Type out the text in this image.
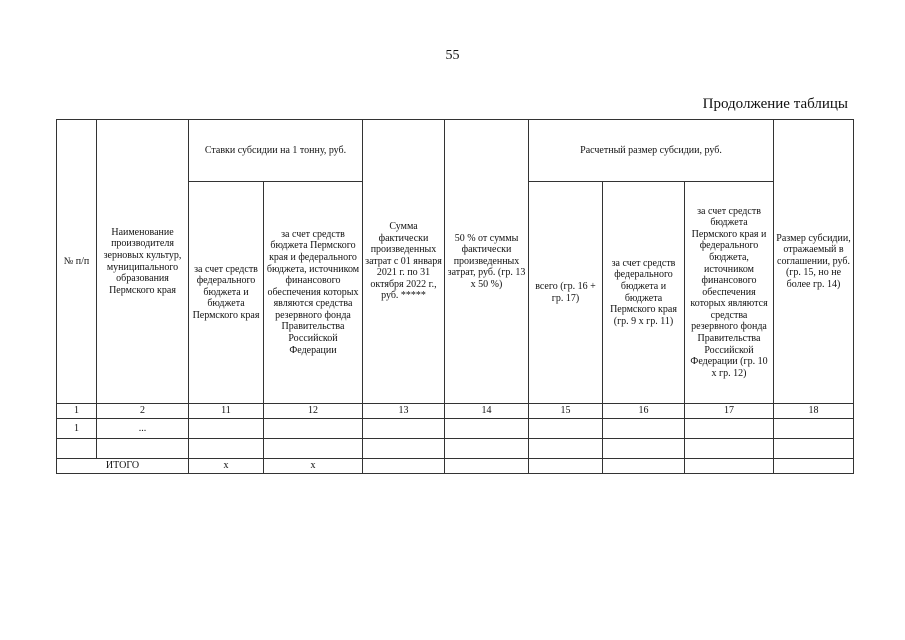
55
Продолжение таблицы
№ п/п	Наименование производителя зерновых культур, муниципального образования Пермского края	Ставки субсидии на 1 тонну, руб.		Сумма фактически произведенных затрат с 01 января 2021 г. по 31 октября 2022 г., руб. *****	50 % от суммы фактически произведенных затрат, руб. (гр. 13 х 50 %)	Расчетный размер субсидии, руб.			Размер субсидии, отражаемый в соглашении, руб. (гр. 15, но не более гр. 14)
		за счет средств федерального бюджета и бюджета Пермского края	за счет средств бюджета Пермского края и федерального бюджета, источником финансового обеспечения которых являются средства резервного фонда Правительства Российской Федерации			всего (гр. 16 + гр. 17)	за счет средств федерального бюджета и бюджета Пермского края (гр. 9 х гр. 11)	за счет средств бюджета Пермского края и федерального бюджета, источником финансового обеспечения которых являются средства резервного фонда Правительства Российской Федерации (гр. 10 х гр. 12)	
1	2	11	12	13	14	15	16	17	18
1	...								

ИТОГО		х	х						
